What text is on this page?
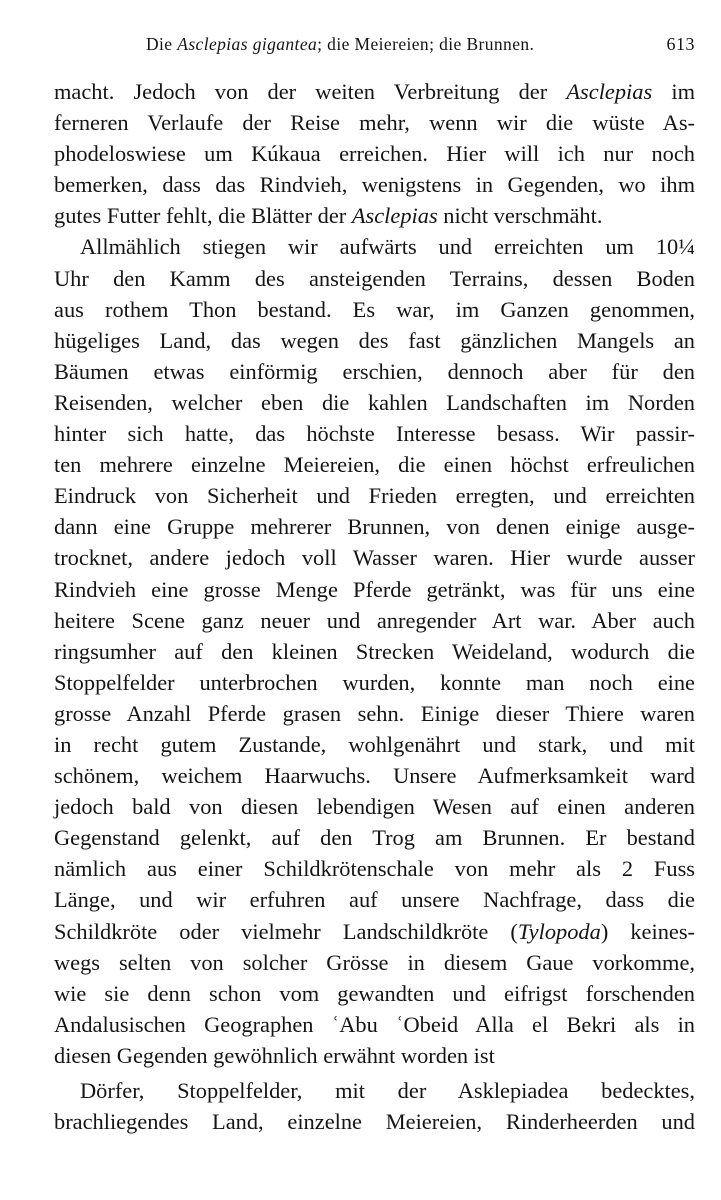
Die Asclepias gigantea; die Meiereien; die Brunnen.	613
macht. Jedoch von der weiten Verbreitung der Asclepias im
ferneren Verlaufe der Reise mehr, wenn wir die wüste As-
phodeloswiese um Kúkaua erreichen. Hier will ich nur noch
bemerken, dass das Rindvieh, wenigstens in Gegenden, wo ihm
gutes Futter fehlt, die Blätter der Asclepias nicht verschmäht.
Allmählich stiegen wir aufwärts und erreichten um 10¼
Uhr den Kamm des ansteigenden Terrains, dessen Boden
aus rothem Thon bestand. Es war, im Ganzen genommen,
hügeliges Land, das wegen des fast gänzlichen Mangels an
Bäumen etwas einförmig erschien, dennoch aber für den
Reisenden, welcher eben die kahlen Landschaften im Norden
hinter sich hatte, das höchste Interesse besass. Wir passir-
ten mehrere einzelne Meiereien, die einen höchst erfreulichen
Eindruck von Sicherheit und Frieden erregten, und erreichten
dann eine Gruppe mehrerer Brunnen, von denen einige ausge-
trocknet, andere jedoch voll Wasser waren. Hier wurde ausser
Rindvieh eine grosse Menge Pferde getränkt, was für uns eine
heitere Scene ganz neuer und anregender Art war. Aber auch
ringsumher auf den kleinen Strecken Weideland, wodurch die
Stoppelfelder unterbrochen wurden, konnte man noch eine
grosse Anzahl Pferde grasen sehn. Einige dieser Thiere waren
in recht gutem Zustande, wohlgenährt und stark, und mit
schönem, weichem Haarwuchs. Unsere Aufmerksamkeit ward
jedoch bald von diesen lebendigen Wesen auf einen anderen
Gegenstand gelenkt, auf den Trog am Brunnen. Er bestand
nämlich aus einer Schildkrötenschale von mehr als 2 Fuss
Länge, und wir erfuhren auf unsere Nachfrage, dass die
Schildkröte oder vielmehr Landschildkröte (Tylopoda) keines-
wegs selten von solcher Grösse in diesem Gaue vorkomme,
wie sie denn schon vom gewandten und eifrigst forschenden
Andalusischen Geographen ʿAbu ʿObeid Alla el Bekri als in
diesen Gegenden gewöhnlich erwähnt worden ist
Dörfer, Stoppelfelder, mit der Asklepiadea bedecktes,
brachliegendes Land, einzelne Meiereien, Rinderheerden und
